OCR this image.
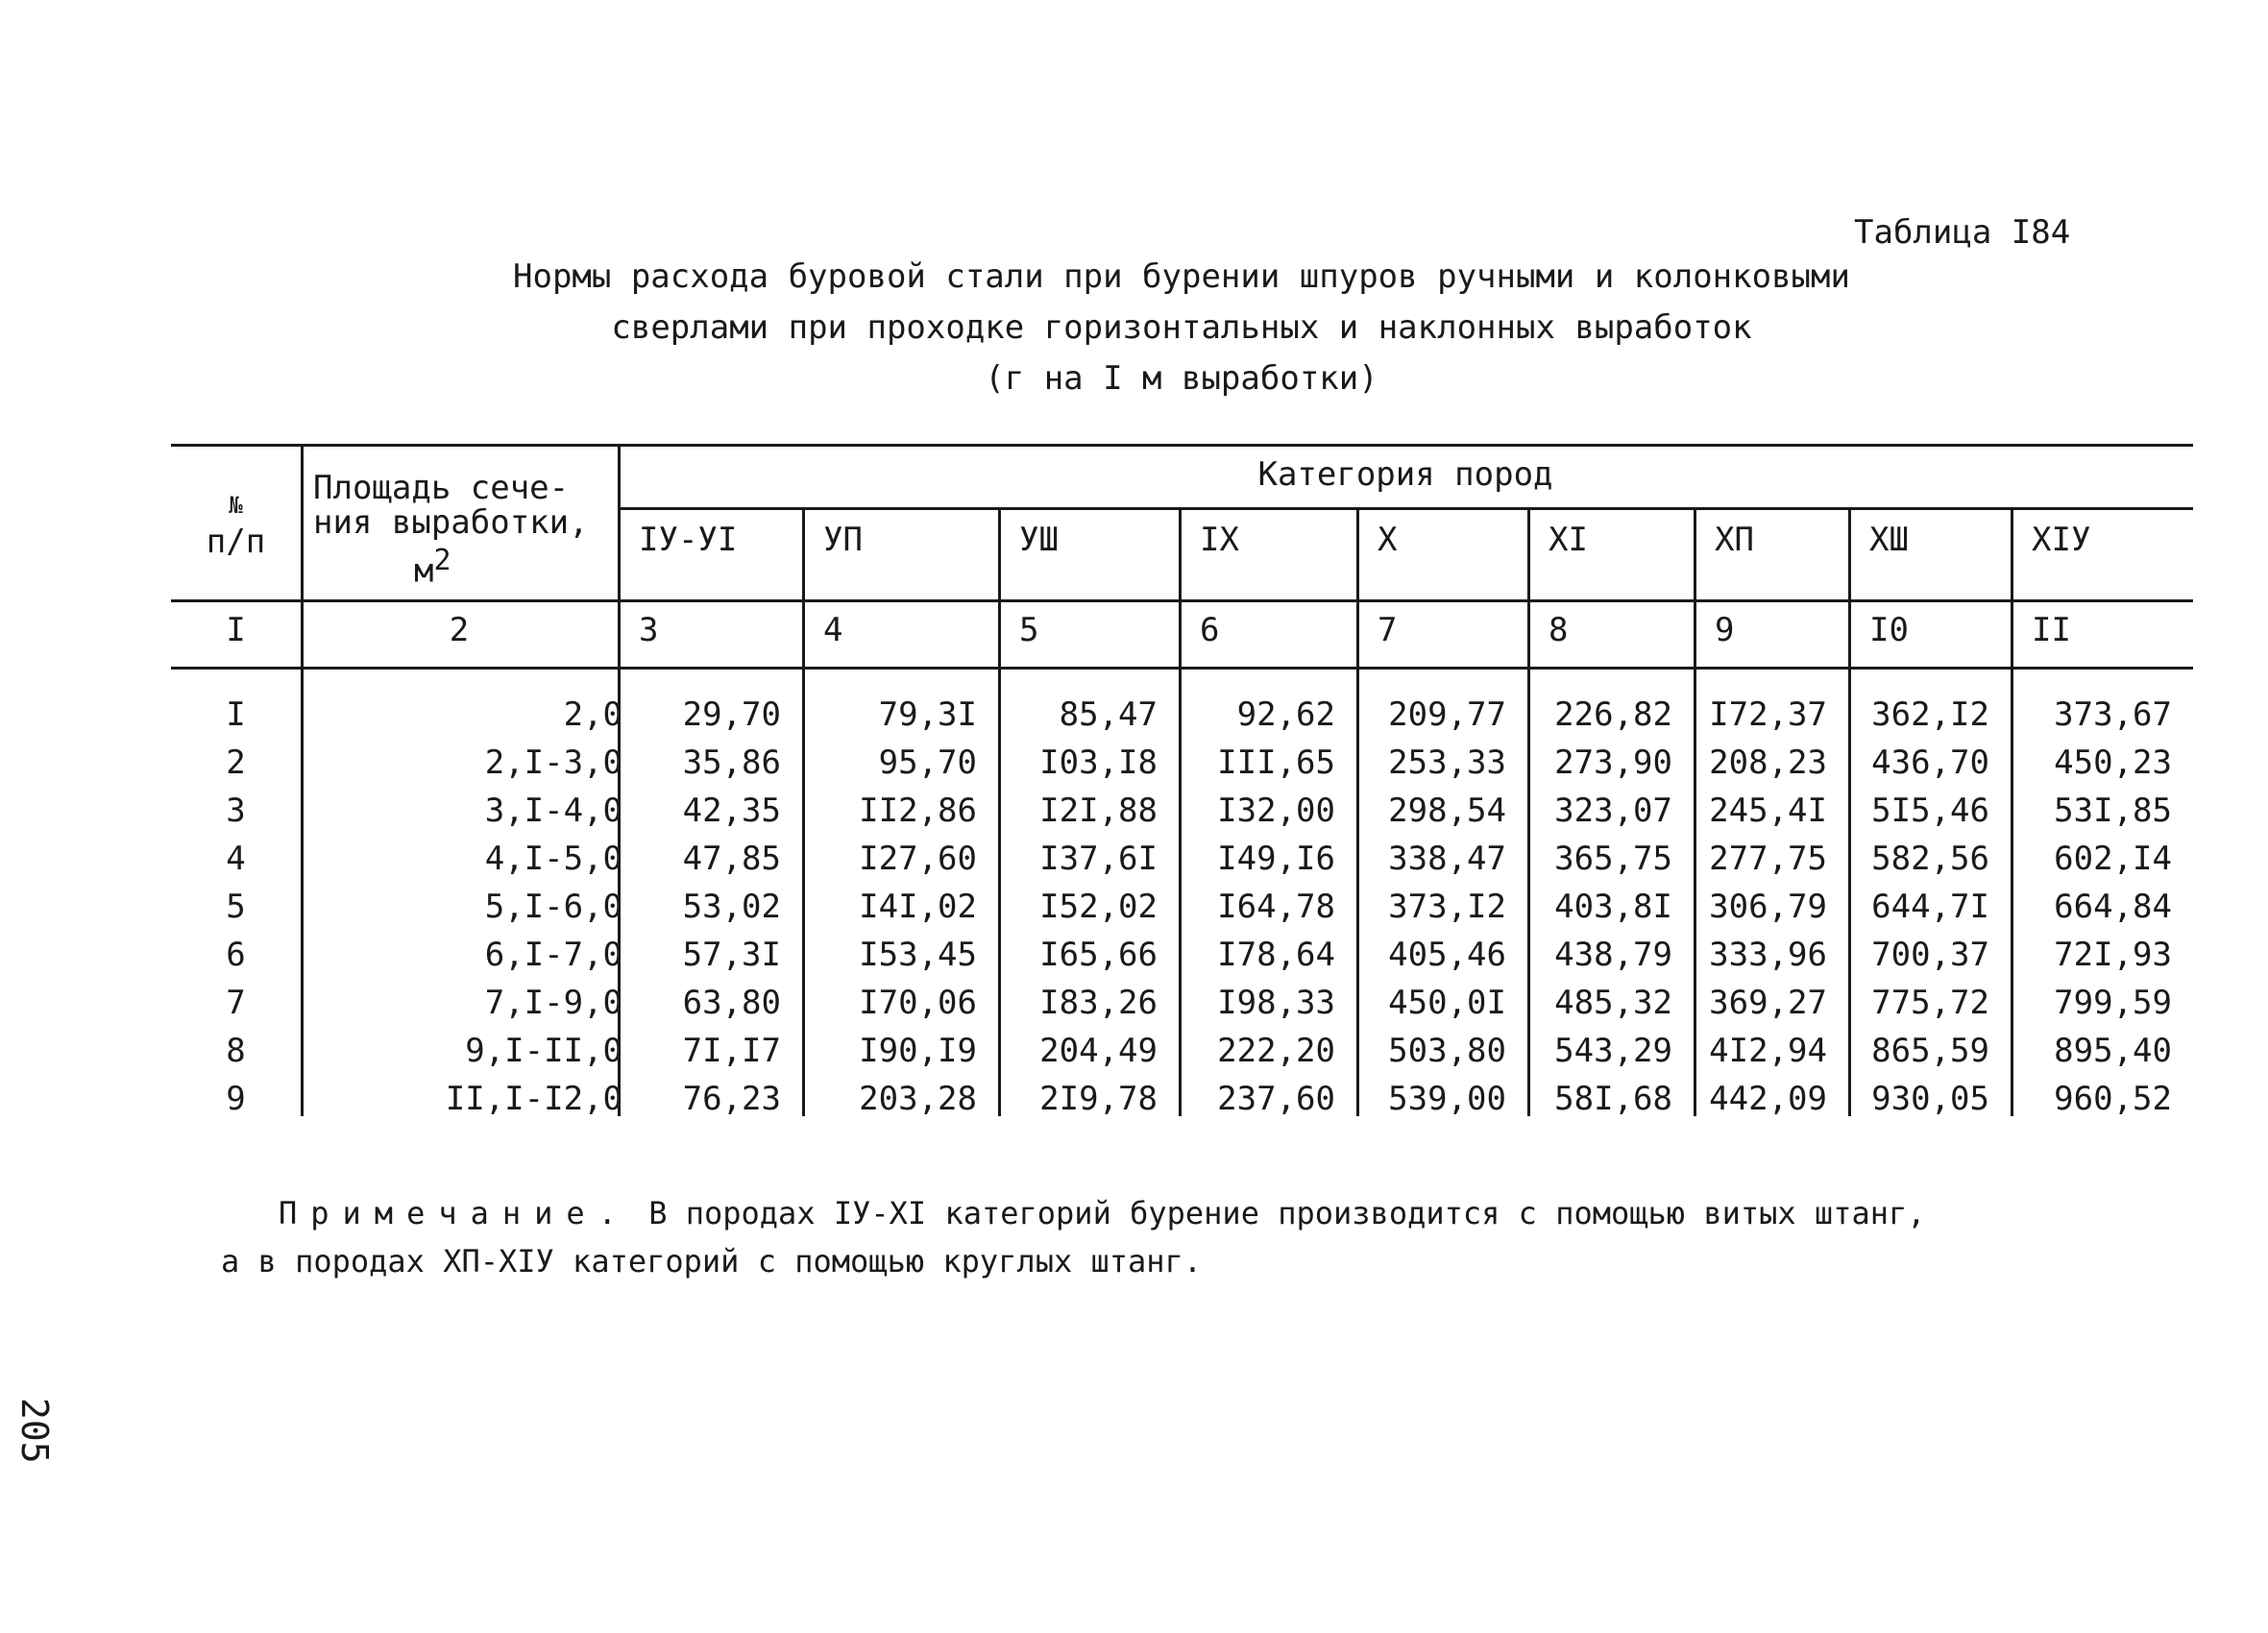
Таблица I84
Нормы расхода буровой стали при бурении шпуров ручными и колонковыми
сверлами при проходке горизонтальных и наклонных выработок
(г на I м выработки)
№
п/п
Площадь сече-
ния выработки,
$м^2$
Категория пород
IУ-УI	УП	УШ	IX	X	XI	XП	XШ	XIУ
I	2	3	4	5	6	7	8	9	I0	II
I	2,0	29,70	79,3I	85,47	92,62	209,77	226,82	I72,37	362,I2	373,67
2	2,I-3,0	35,86	95,70	I03,I8	III,65	253,33	273,90	208,23	436,70	450,23
3	3,I-4,0	42,35	II2,86	I2I,88	I32,00	298,54	323,07	245,4I	5I5,46	53I,85
4	4,I-5,0	47,85	I27,60	I37,6I	I49,I6	338,47	365,75	277,75	582,56	602,I4
5	5,I-6,0	53,02	I4I,02	I52,02	I64,78	373,I2	403,8I	306,79	644,7I	664,84
6	6,I-7,0	57,3I	I53,45	I65,66	I78,64	405,46	438,79	333,96	700,37	72I,93
7	7,I-9,0	63,80	I70,06	I83,26	I98,33	450,0I	485,32	369,27	775,72	799,59
8	9,I-II,0	7I,I7	I90,I9	204,49	222,20	503,80	543,29	4I2,94	865,59	895,40
9	II,I-I2,0	76,23	203,28	2I9,78	237,60	539,00	58I,68	442,09	930,05	960,52
Примечание. В породах IУ-XI категорий бурение производится с помощью витых штанг,
а в породах XП-XIУ категорий с помощью круглых штанг.
205
